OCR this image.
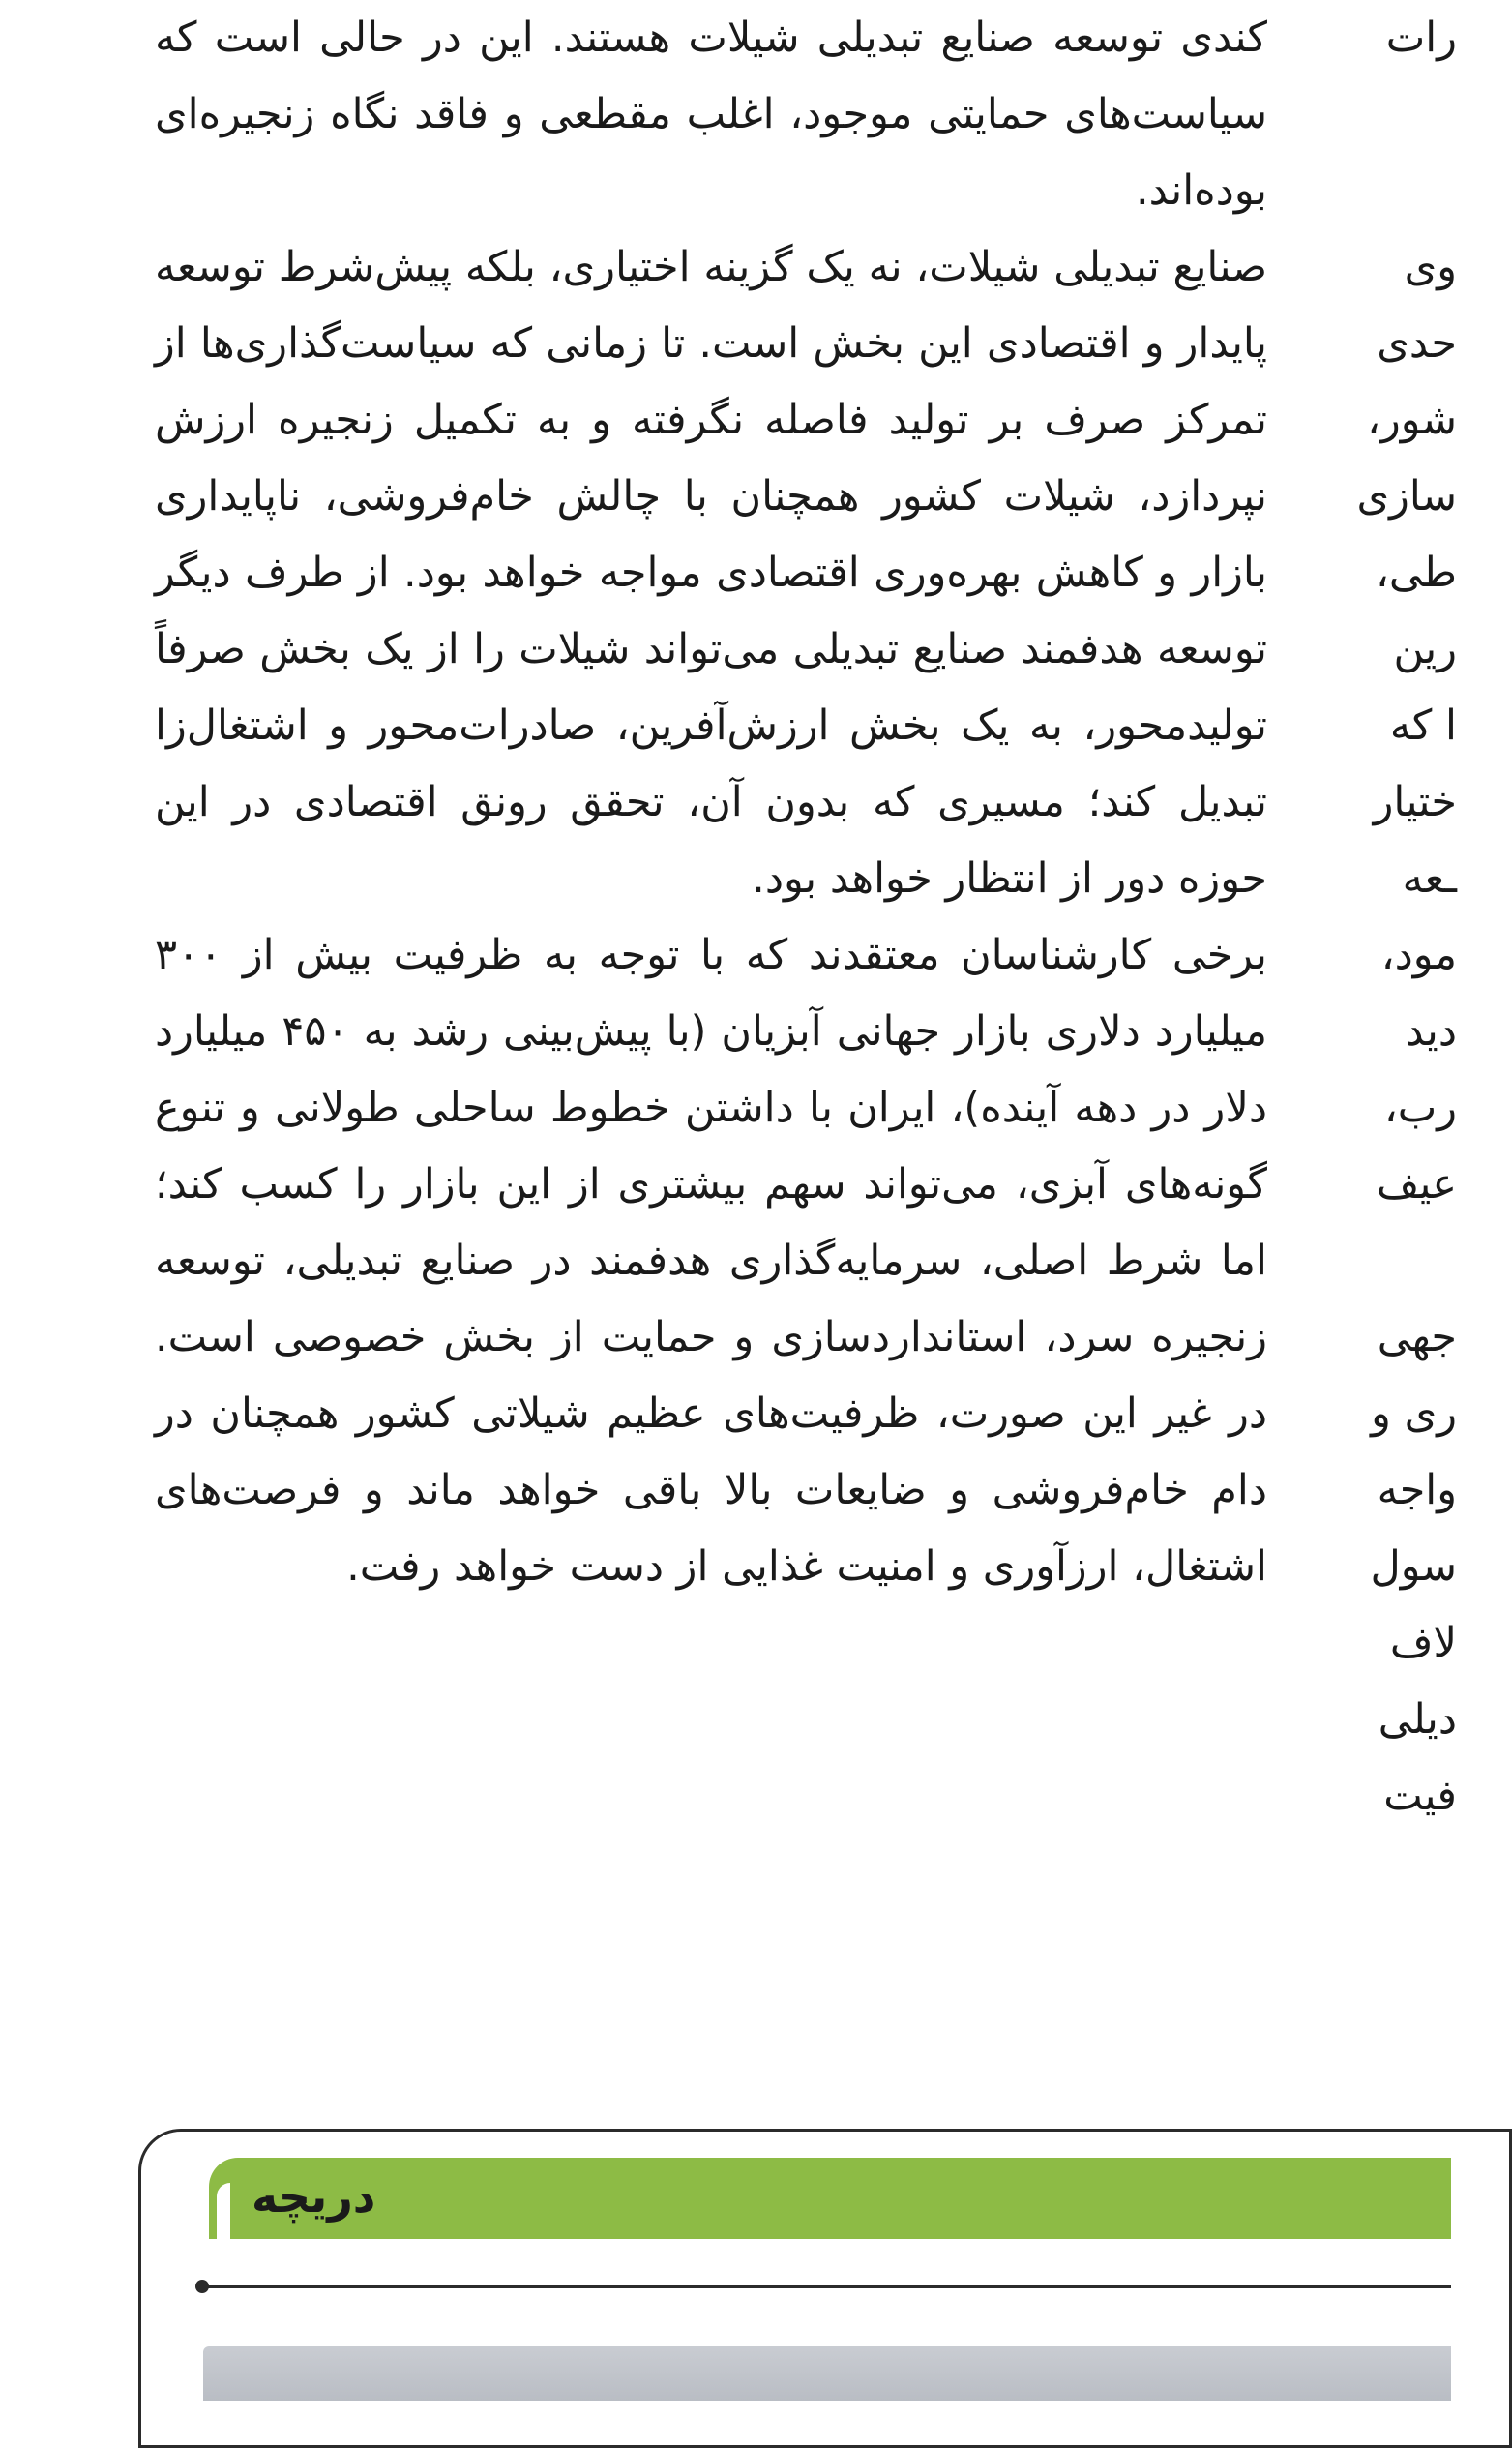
کندی توسعه صنایع تبدیلی شیلات هستند. این در حالی است که سیاست‌های حمایتی موجود، اغلب مقطعی و فاقد نگاه زنجیره‌ای بوده‌اند.

صنایع تبدیلی شیلات، نه یک گزینه اختیاری، بلکه پیش‌شرط توسعه پایدار و اقتصادی این بخش است. تا زمانی که سیاست‌گذاری‌ها از تمرکز صرف بر تولید فاصله نگرفته و به تکمیل زنجیره ارزش نپردازد، شیلات کشور همچنان با چالش خام‌فروشی، ناپایداری بازار و کاهش بهره‌وری اقتصادی مواجه خواهد بود. از طرف دیگر توسعه هدفمند صنایع تبدیلی می‌تواند شیلات را از یک بخش صرفاً تولیدمحور، به یک بخش ارزش‌آفرین، صادرات‌محور و اشتغال‌زا تبدیل کند؛ مسیری که بدون آن، تحقق رونق اقتصادی در این حوزه دور از انتظار خواهد بود.

برخی کارشناسان معتقدند که با توجه به ظرفیت بیش از ۳۰۰ میلیارد دلاری بازار جهانی آبزیان (با پیش‌بینی رشد به ۴۵۰ میلیارد دلار در دهه آینده)، ایران با داشتن خطوط ساحلی طولانی و تنوع گونه‌های آبزی، می‌تواند سهم بیشتری از این بازار را کسب کند؛ اما شرط اصلی، سرمایه‌گذاری هدفمند در صنایع تبدیلی، توسعه زنجیره سرد، استانداردسازی و حمایت از بخش خصوصی است. در غیر این صورت، ظرفیت‌های عظیم شیلاتی کشور همچنان در دام خام‌فروشی و ضایعات بالا باقی خواهد ماند و فرصت‌های اشتغال، ارزآوری و امنیت غذایی از دست خواهد رفت.

رات
وی
حدی
شور،
سازی
طی،
رین
ا که
ختیار
ـعه
مود،
دید
رب،
عیف
جهی
ری و
واجه
سول
لاف
دیلی
فیت
دریچه
